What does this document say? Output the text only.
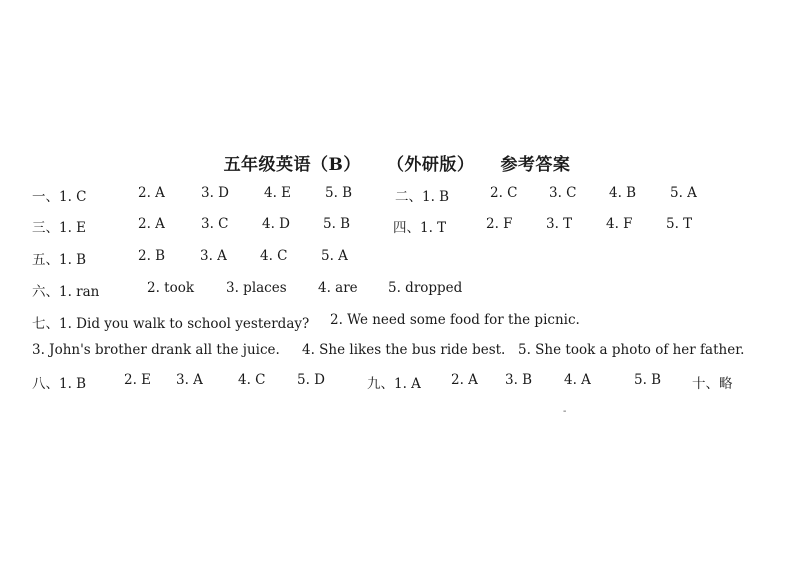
五年级英语（B） （外研版） 参考答案
一、1. C	2. A	3. D	4. E	5. B	二、1. B	2. C 3. C 4. B	5. A
三、1. E	2. A	3. C 4. D 5. B	四、1. T	2. F 3. T	4. F 5. T
五、1. B	2. B	3. A 4. C 5. A
六、1. ran	2. took 3. places 4. are 5. dropped
七、1. Did you walk to school yesterday? 2. We need some food for the picnic.
3. John's brother drank all the juice. 4. She likes the bus ride best. 5. She took a photo of her father.
八、1. B	2. E 3. A	4. C 5. D	九、1. A 2. A 3. B 4. A	5. B 十、略
-
